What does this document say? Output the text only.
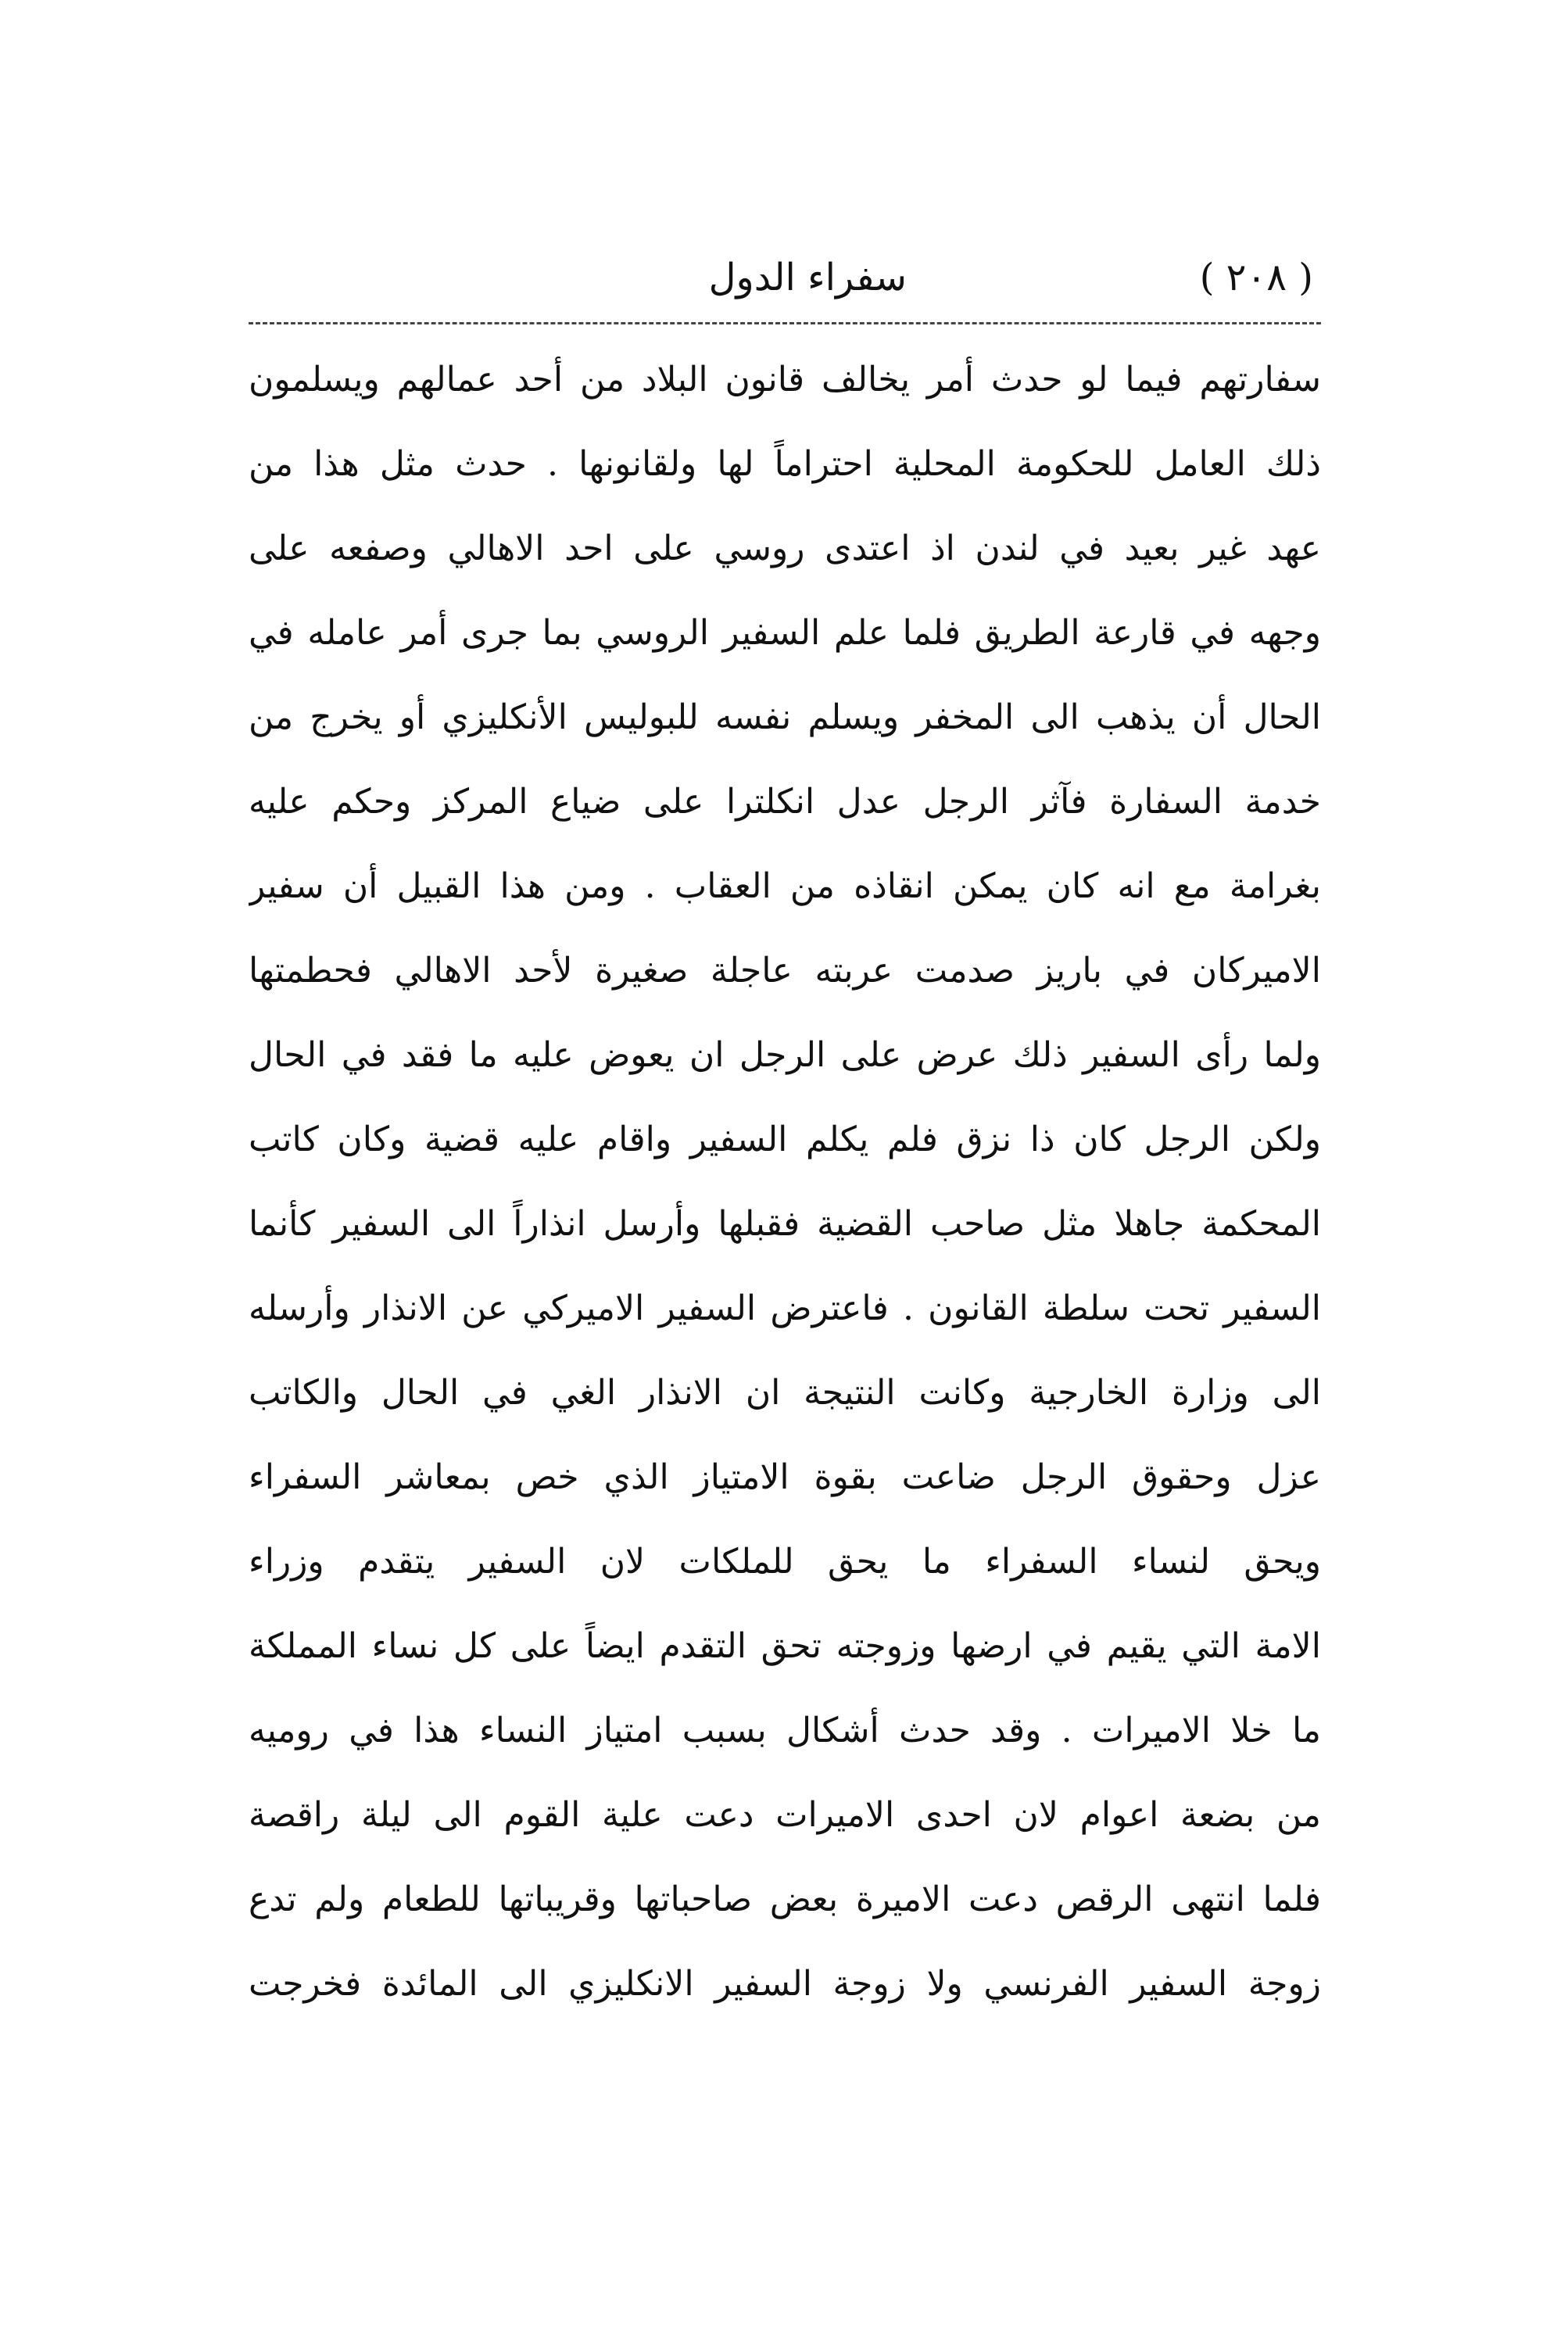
( ٢٠٨ )
سفراء الدول
سفارتهم فيما لو حدث أمر يخالف قانون البلاد من أحد عمالهم ويسلمون
ذلك العامل للحكومة المحلية احتراماً لها ولقانونها . حدث مثل هذا من
عهد غير بعيد في لندن اذ اعتدى روسي على احد الاهالي وصفعه على
وجهه في قارعة الطريق فلما علم السفير الروسي بما جرى أمر عامله في
الحال أن يذهب الى المخفر ويسلم نفسه للبوليس الأنكليزي أو يخرج من
خدمة السفارة فآثر الرجل عدل انكلترا على ضياع المركز وحكم عليه
بغرامة مع انه كان يمكن انقاذه من العقاب . ومن هذا القبيل أن سفير
الاميركان في باريز صدمت عربته عاجلة صغيرة لأحد الاهالي فحطمتها
ولما رأى السفير ذلك عرض على الرجل ان يعوض عليه ما فقد في الحال
ولكن الرجل كان ذا نزق فلم يكلم السفير واقام عليه قضية وكان كاتب
المحكمة جاهلا مثل صاحب القضية فقبلها وأرسل انذاراً الى السفير كأنما
السفير تحت سلطة القانون . فاعترض السفير الاميركي عن الانذار وأرسله
الى وزارة الخارجية وكانت النتيجة ان الانذار الغي في الحال والكاتب
عزل وحقوق الرجل ضاعت بقوة الامتياز الذي خص بمعاشر السفراء
ويحق لنساء السفراء ما يحق للملكات لان السفير يتقدم وزراء
الامة التي يقيم في ارضها وزوجته تحق التقدم ايضاً على كل نساء المملكة
ما خلا الاميرات . وقد حدث أشكال بسبب امتياز النساء هذا في روميه
من بضعة اعوام لان احدى الاميرات دعت علية القوم الى ليلة راقصة
فلما انتهى الرقص دعت الاميرة بعض صاحباتها وقريباتها للطعام ولم تدع
زوجة السفير الفرنسي ولا زوجة السفير الانكليزي الى المائدة فخرجت
